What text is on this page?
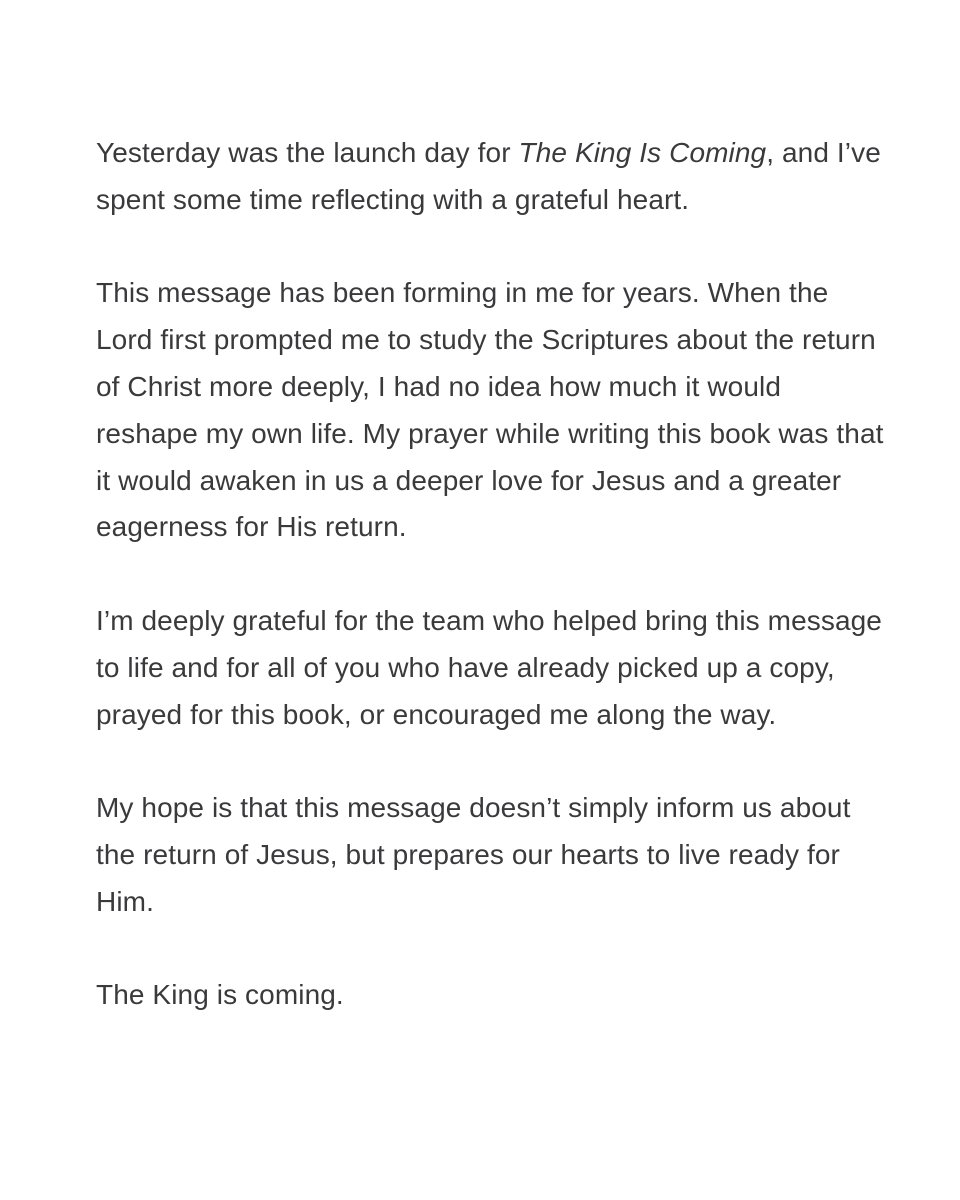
Yesterday was the launch day for The King Is Coming, and I’ve spent some time reflecting with a grateful heart.

This message has been forming in me for years. When the Lord first prompted me to study the Scriptures about the return of Christ more deeply, I had no idea how much it would reshape my own life. My prayer while writing this book was that it would awaken in us a deeper love for Jesus and a greater eagerness for His return.

I’m deeply grateful for the team who helped bring this message to life and for all of you who have already picked up a copy, prayed for this book, or encouraged me along the way.

My hope is that this message doesn’t simply inform us about the return of Jesus, but prepares our hearts to live ready for Him.

The King is coming.
